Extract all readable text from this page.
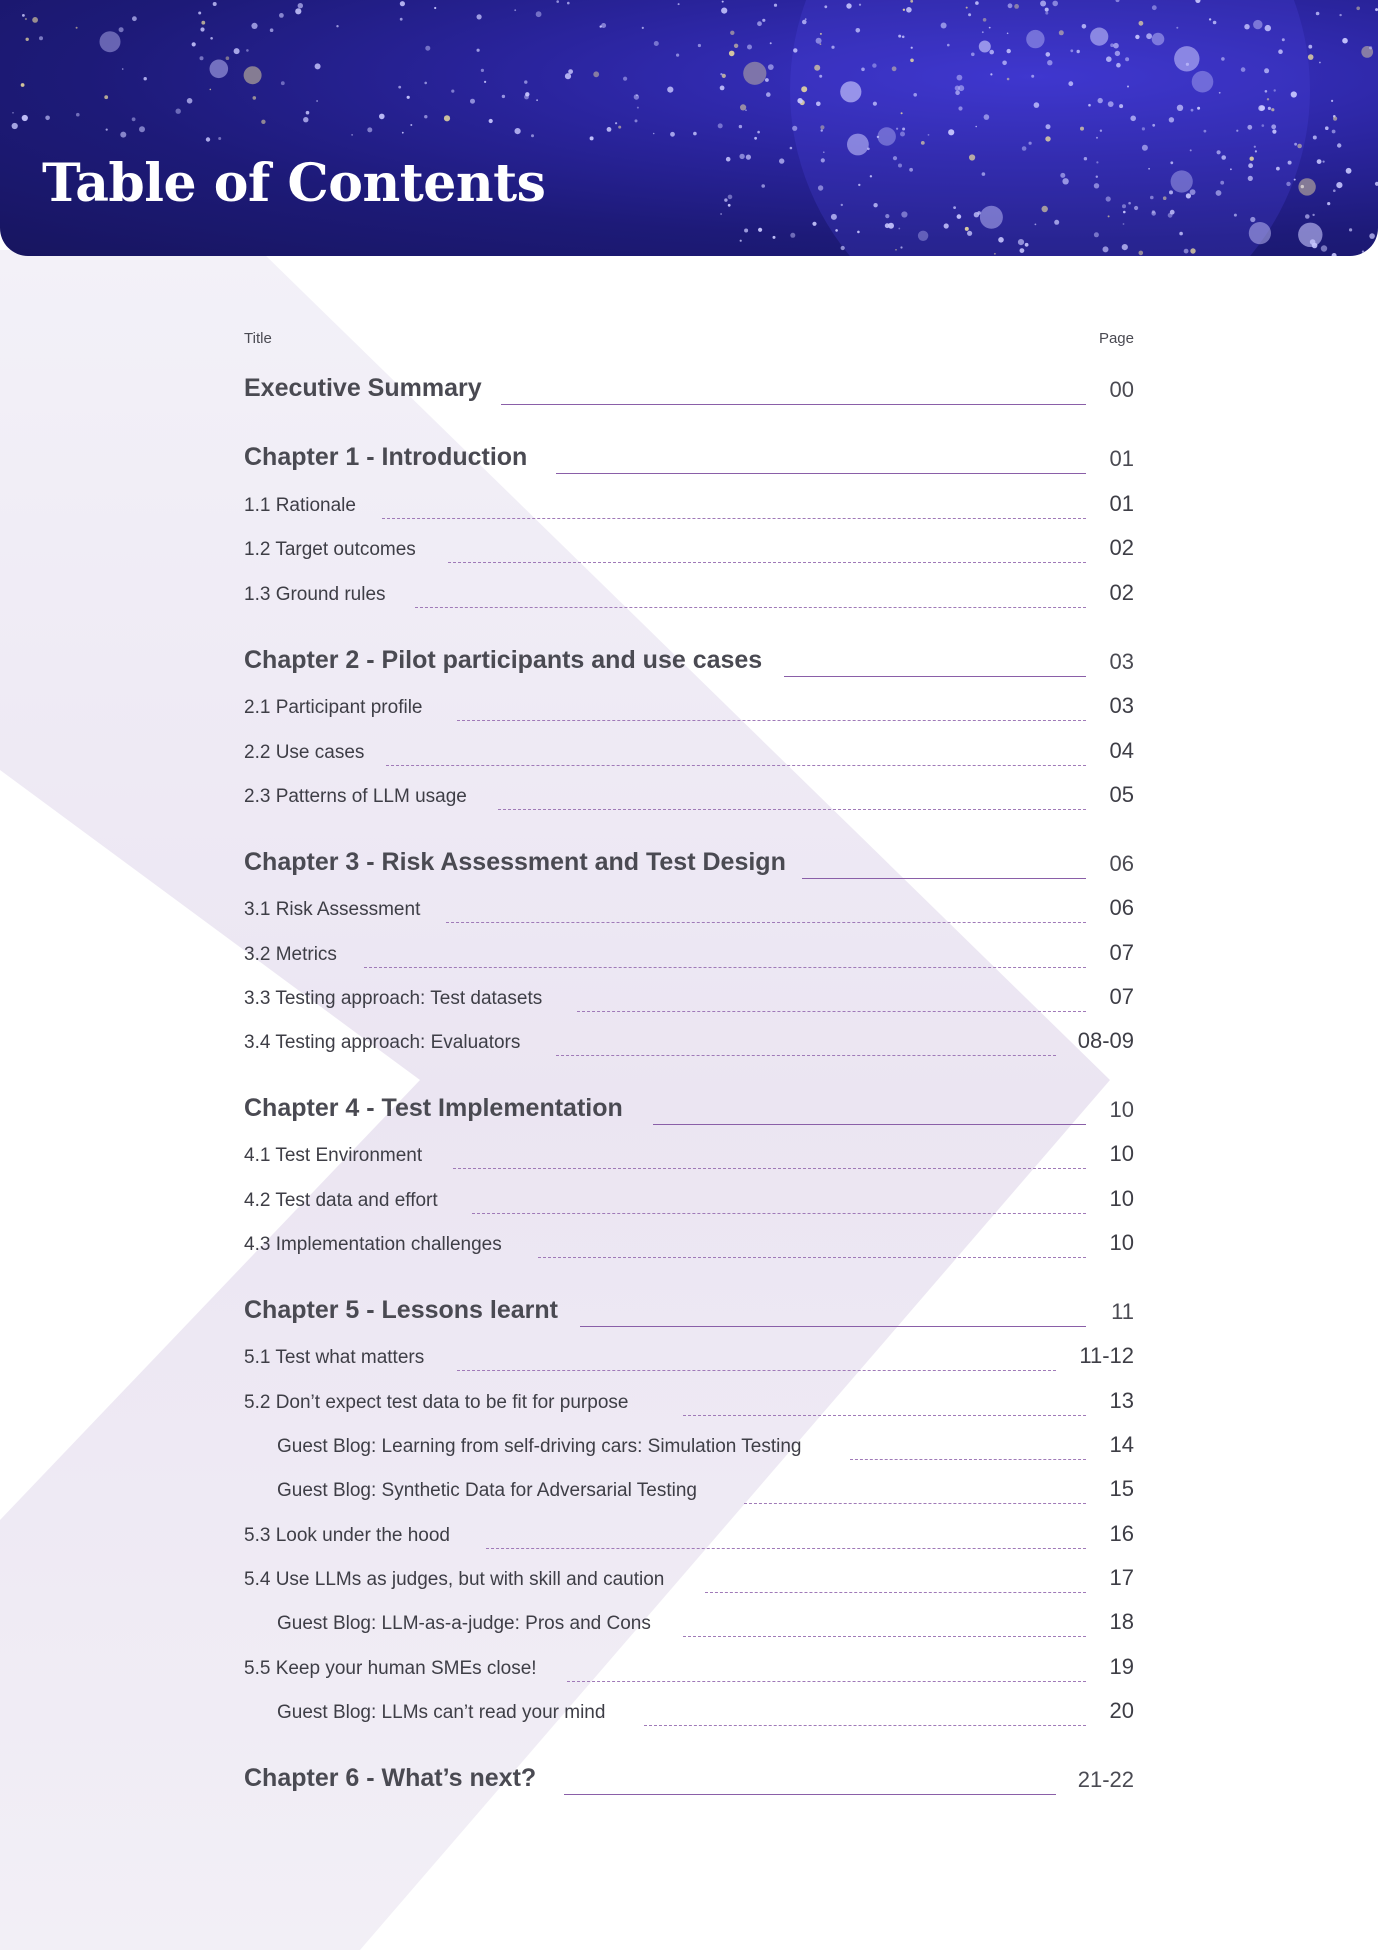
Table of Contents
Title	Page
Executive Summary	00
Chapter 1 - Introduction	01
1.1 Rationale	01
1.2 Target outcomes	02
1.3 Ground rules	02
Chapter 2 - Pilot participants and use cases	03
2.1 Participant profile	03
2.2 Use cases	04
2.3 Patterns of LLM usage	05
Chapter 3 - Risk Assessment and Test Design	06
3.1 Risk Assessment	06
3.2 Metrics	07
3.3 Testing approach: Test datasets	07
3.4 Testing approach: Evaluators	08-09
Chapter 4 - Test Implementation	10
4.1 Test Environment	10
4.2 Test data and effort	10
4.3 Implementation challenges	10
Chapter 5 - Lessons learnt	11
5.1 Test what matters	11-12
5.2 Don’t expect test data to be fit for purpose	13
Guest Blog: Learning from self-driving cars: Simulation Testing	14
Guest Blog: Synthetic Data for Adversarial Testing	15
5.3 Look under the hood	16
5.4 Use LLMs as judges, but with skill and caution	17
Guest Blog: LLM-as-a-judge: Pros and Cons	18
5.5 Keep your human SMEs close!	19
Guest Blog: LLMs can’t read your mind	20
Chapter 6 - What’s next?	21-22
